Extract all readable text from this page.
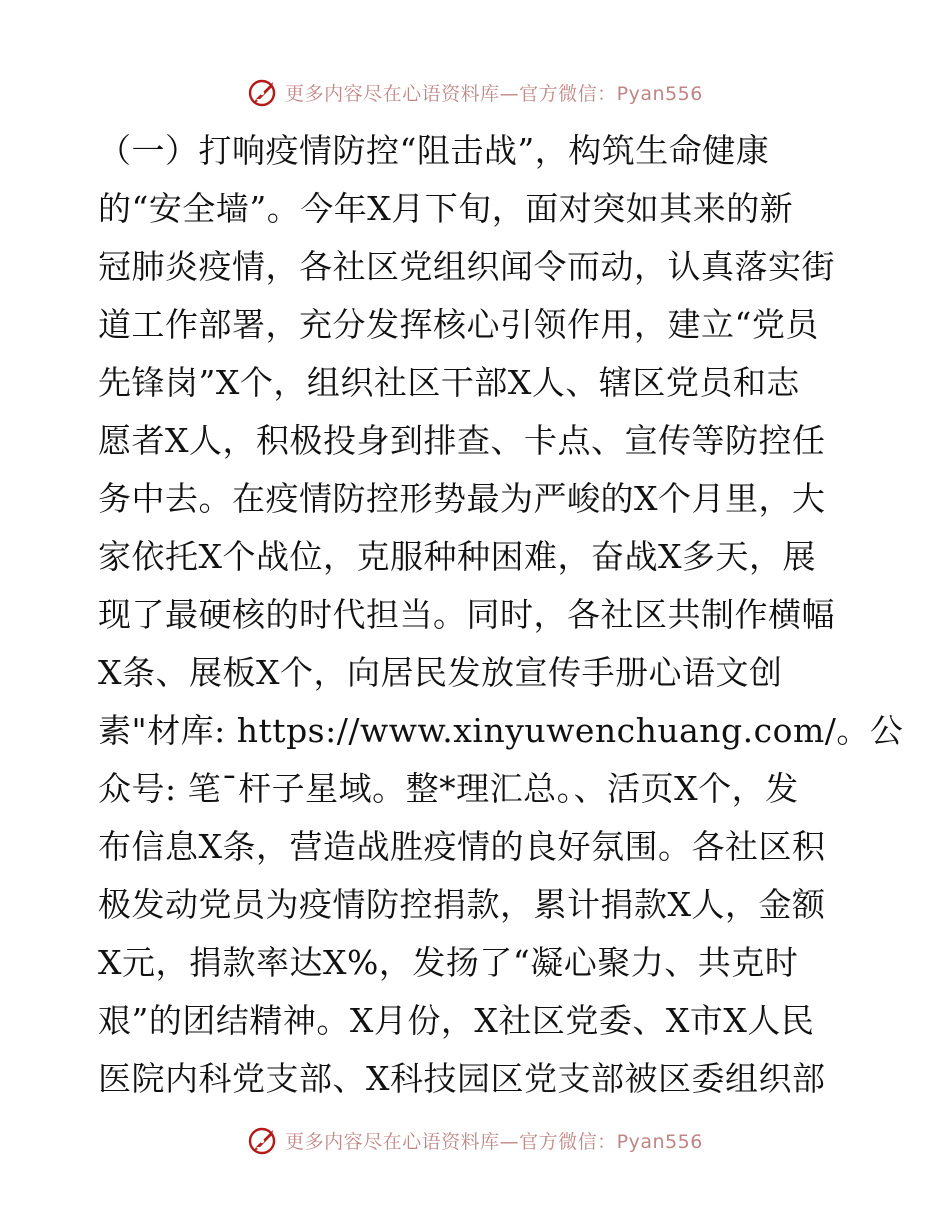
更多内容尽在心语资料库—官方微信：Pyan556
（一）打响疫情防控“阻击战”，构筑生命健康
的“安全墙”。今年X月下旬，面对突如其来的新
冠肺炎疫情，各社区党组织闻令而动，认真落实街
道工作部署，充分发挥核心引领作用，建立“党员
先锋岗”X个，组织社区干部X人、辖区党员和志
愿者X人，积极投身到排查、卡点、宣传等防控任
务中去。在疫情防控形势最为严峻的X个月里，大
家依托X个战位，克服种种困难，奋战X多天，展
现了最硬核的时代担当。同时，各社区共制作横幅
X条、展板X个，向居民发放宣传手册心语文创
素"材库: https://www.xinyuwenchuang.com/。公
众号: 笔¯杆子星域。整*理汇总。、活页X个，发
布信息X条，营造战胜疫情的良好氛围。各社区积
极发动党员为疫情防控捐款，累计捐款X人，金额
X元，捐款率达X%，发扬了“凝心聚力、共克时
艰”的团结精神。X月份，X社区党委、X市X人民
医院内科党支部、X科技园区党支部被区委组织部
更多内容尽在心语资料库—官方微信：Pyan556
